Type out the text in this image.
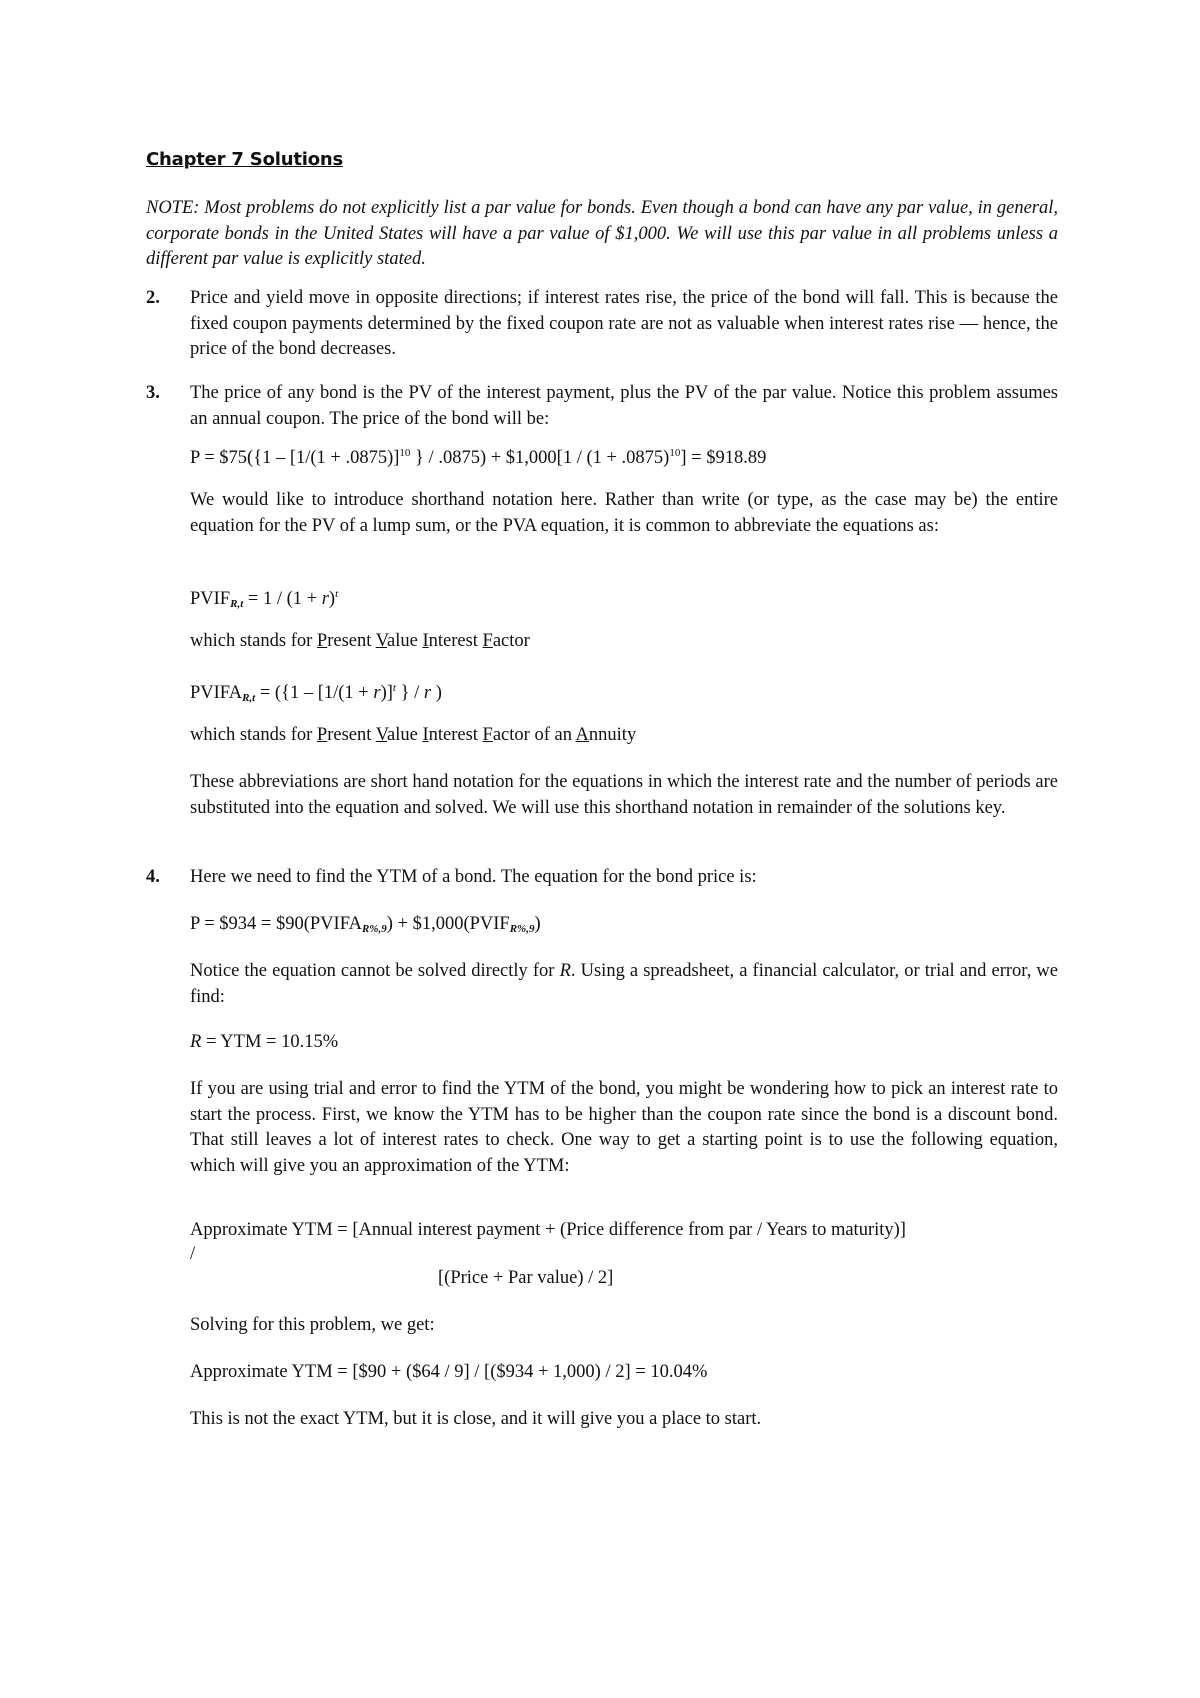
Chapter 7 Solutions
NOTE: Most problems do not explicitly list a par value for bonds. Even though a bond can have any par value, in general, corporate bonds in the United States will have a par value of $1,000. We will use this par value in all problems unless a different par value is explicitly stated.
2. Price and yield move in opposite directions; if interest rates rise, the price of the bond will fall. This is because the fixed coupon payments determined by the fixed coupon rate are not as valuable when interest rates rise — hence, the price of the bond decreases.
3. The price of any bond is the PV of the interest payment, plus the PV of the par value. Notice this problem assumes an annual coupon. The price of the bond will be:
P = $75({1 – $[1/(1 + .0875)]^{10}$ } / .0875) + $1,000[1 / $(1 + .0875)^{10}$] = $918.89
We would like to introduce shorthand notation here. Rather than write (or type, as the case may be) the entire equation for the PV of a lump sum, or the PVA equation, it is common to abbreviate the equations as:
$PVIF_{R,t} = 1 / (1 + r)^t$
which stands for Present Value Interest Factor
$PVIFA_{R,t} = (\{1 - [1/(1 + r)]^t$ } / r )
which stands for Present Value Interest Factor of an Annuity
These abbreviations are short hand notation for the equations in which the interest rate and the number of periods are substituted into the equation and solved. We will use this shorthand notation in remainder of the solutions key.
4. Here we need to find the YTM of a bond. The equation for the bond price is:
P = $934 = $\$90(PVIFA_{R\%,9})$ + $\$1,000(PVIF_{R\%,9})$
Notice the equation cannot be solved directly for R. Using a spreadsheet, a financial calculator, or trial and error, we find:
R = YTM = 10.15%
If you are using trial and error to find the YTM of the bond, you might be wondering how to pick an interest rate to start the process. First, we know the YTM has to be higher than the coupon rate since the bond is a discount bond. That still leaves a lot of interest rates to check. One way to get a starting point is to use the following equation, which will give you an approximation of the YTM:
Approximate YTM = [Annual interest payment + (Price difference from par / Years to maturity)]
/
[(Price + Par value) / 2]
Solving for this problem, we get:
Approximate YTM = [$90 + ($64 / 9] / [($934 + 1,000) / 2] = 10.04%
This is not the exact YTM, but it is close, and it will give you a place to start.
